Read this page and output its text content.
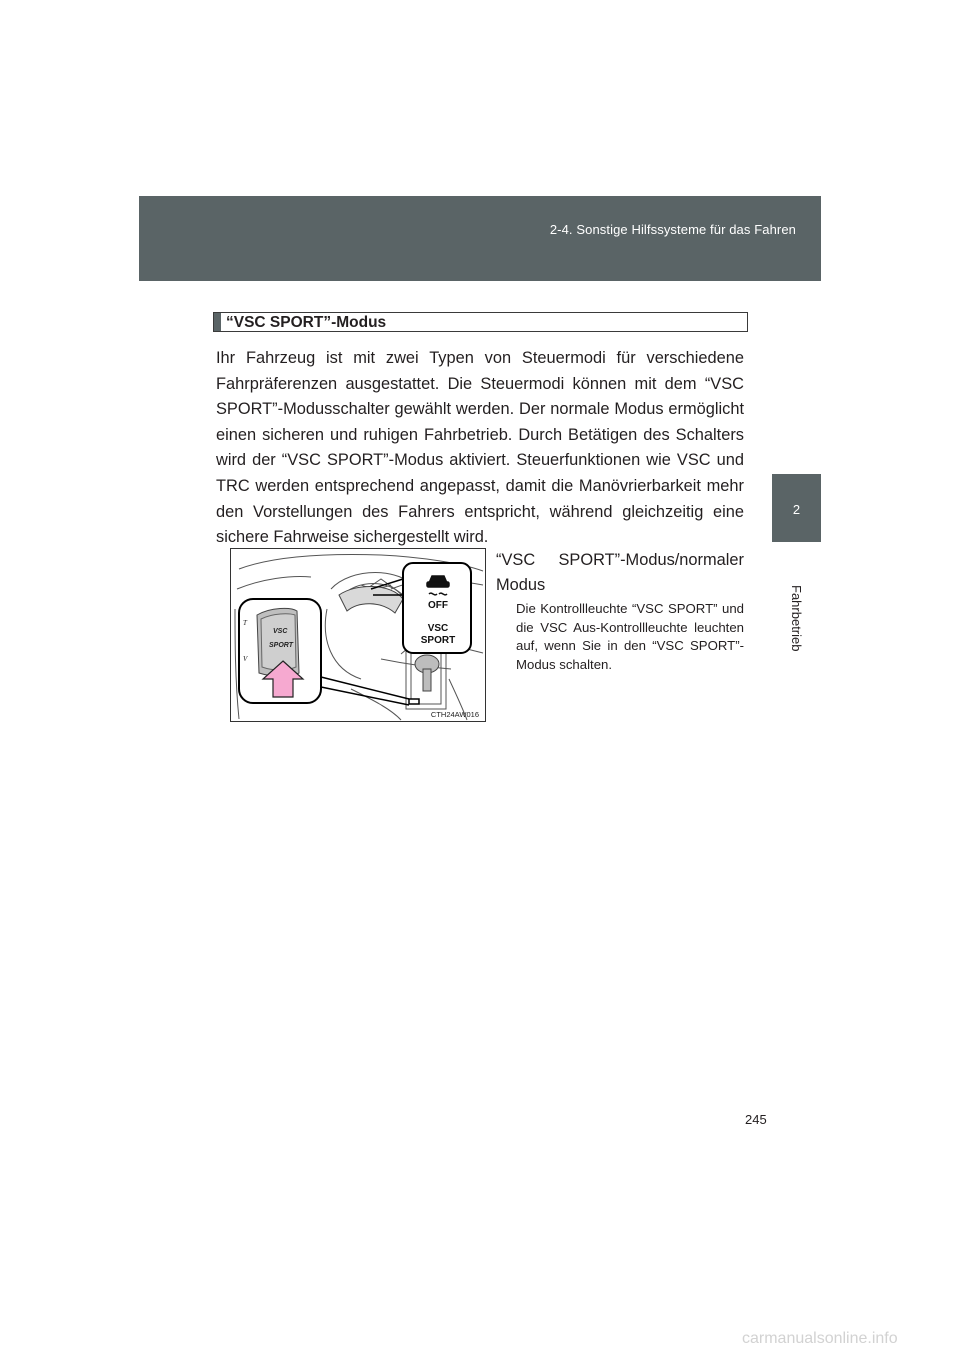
2-4. Sonstige Hilfssysteme für das Fahren
2
Fahrbetrieb
“VSC SPORT”-Modus
Ihr Fahrzeug ist mit zwei Typen von Steuermodi für verschiedene Fahrpräferenzen ausgestattet. Die Steuermodi können mit dem “VSC SPORT”-Modusschalter gewählt werden. Der normale Modus ermöglicht einen sicheren und ruhigen Fahrbetrieb. Durch Betätigen des Schalters wird der “VSC SPORT”-Modus aktiviert. Steuerfunktionen wie VSC und TRC werden entsprechend angepasst, damit die Manövrierbarkeit mehr den Vorstellungen des Fahrers entspricht, während gleichzeitig eine sichere Fahrweise sichergestellt wird.
VSC
SPORT
T
V
OFF
VSC
SPORT
CTH24AW016
“VSC SPORT”-Modus/normaler Modus
Die Kontrollleuchte “VSC SPORT” und die VSC Aus-Kontrollleuchte leuchten auf, wenn Sie in den “VSC SPORT”-Modus schalten.
245
carmanualsonline.info
